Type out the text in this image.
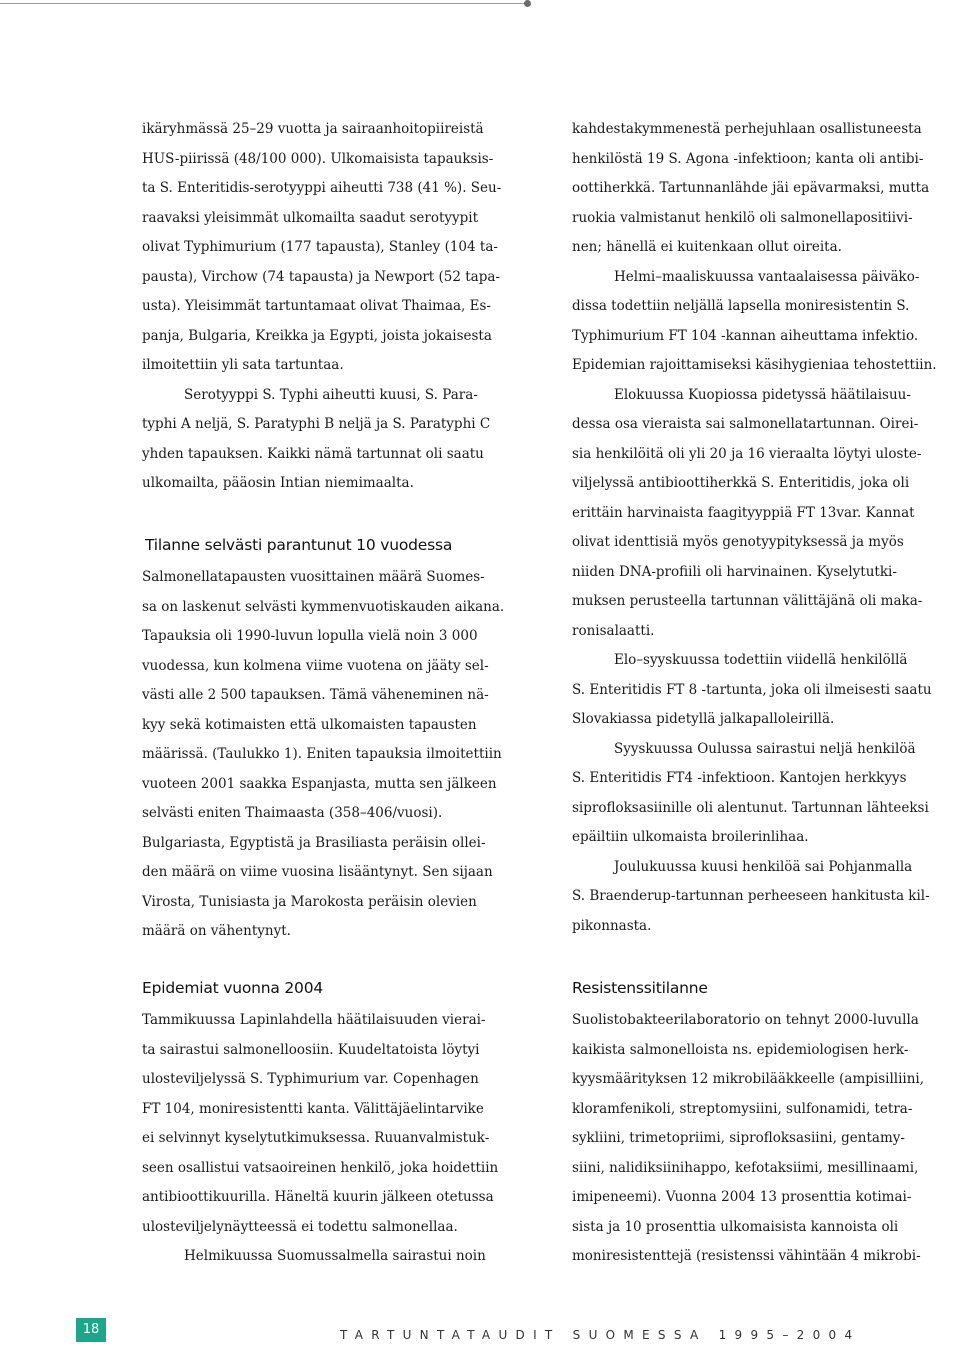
ikäryhmässä 25–29 vuotta ja sairaanhoitopiireistä

HUS-piirissä (48/100 000). Ulkomaisista tapauksis-

ta S. Enteritidis-serotyyppi aiheutti 738 (41 %). Seu-

raavaksi yleisimmät ulkomailta saadut serotyypit

olivat Typhimurium (177 tapausta), Stanley (104 ta-

pausta), Virchow (74 tapausta) ja Newport (52 tapa-

usta). Yleisimmät tartuntamaat olivat Thaimaa, Es-

panja, Bulgaria, Kreikka ja Egypti, joista jokaisesta

ilmoitettiin yli sata tartuntaa.

Serotyyppi S. Typhi aiheutti kuusi, S. Para-

typhi A neljä, S. Paratyphi B neljä ja S. Paratyphi C

yhden tapauksen. Kaikki nämä tartunnat oli saatu

ulkomailta, pääosin Intian niemimaalta.

Tilanne selvästi parantunut 10 vuodessa

Salmonellatapausten vuosittainen määrä Suomes-

sa on laskenut selvästi kymmenvuotiskauden aikana.

Tapauksia oli 1990-luvun lopulla vielä noin 3 000

vuodessa, kun kolmena viime vuotena on jääty sel-

västi alle 2 500 tapauksen. Tämä väheneminen nä-

kyy sekä kotimaisten että ulkomaisten tapausten

määrissä. (Taulukko 1). Eniten tapauksia ilmoitettiin

vuoteen 2001 saakka Espanjasta, mutta sen jälkeen

selvästi eniten Thaimaasta (358–406/vuosi).

Bulgariasta, Egyptistä ja Brasiliasta peräisin ollei-

den määrä on viime vuosina lisääntynyt. Sen sijaan

Virosta, Tunisiasta ja Marokosta peräisin olevien

määrä on vähentynyt.

kahdestakymmenestä perhejuhlaan osallistuneesta

henkilöstä 19 S. Agona -infektioon; kanta oli antibi-

oottiherkkä. Tartunnanlähde jäi epävarmaksi, mutta

ruokia valmistanut henkilö oli salmonellapositiivi-

nen; hänellä ei kuitenkaan ollut oireita.

Helmi–maaliskuussa vantaalaisessa päiväko-

dissa todettiin neljällä lapsella moniresistentin S.

Typhimurium FT 104 -kannan aiheuttama infektio.

Epidemian rajoittamiseksi käsihygieniaa tehostettiin.

Elokuussa Kuopiossa pidetyssä häätilaisuu-

dessa osa vieraista sai salmonellatartunnan. Oirei-

sia henkilöitä oli yli 20 ja 16 vieraalta löytyi uloste-

viljelyssä antibioottiherkkä S. Enteritidis, joka oli

erittäin harvinaista faagityyppiä FT 13var. Kannat

olivat identtisiä myös genotyypityksessä ja myös

niiden DNA-profiili oli harvinainen. Kyselytutki-

muksen perusteella tartunnan välittäjänä oli maka-

ronisalaatti.

Elo–syyskuussa todettiin viidellä henkilöllä

S. Enteritidis FT 8 -tartunta, joka oli ilmeisesti saatu

Slovakiassa pidetyllä jalkapalloleirillä.

Syyskuussa Oulussa sairastui neljä henkilöä

S. Enteritidis FT4 -infektioon. Kantojen herkkyys

siprofloksasiinille oli alentunut. Tartunnan lähteeksi

epäiltiin ulkomaista broilerinlihaa.

Joulukuussa kuusi henkilöä sai Pohjanmalla

S. Braenderup-tartunnan perheeseen hankitusta kil-

pikonnasta.

Epidemiat vuonna 2004

Tammikuussa Lapinlahdella häätilaisuuden vierai-

ta sairastui salmonelloosiin. Kuudeltatoista löytyi

ulosteviljelyssä S. Typhimurium var. Copenhagen

FT 104, moniresistentti kanta. Välittäjäelintarvike

ei selvinnyt kyselytutkimuksessa. Ruuanvalmistuk-

seen osallistui vatsaoireinen henkilö, joka hoidettiin

antibioottikuurilla. Häneltä kuurin jälkeen otetussa

ulosteviljelynäytteessä ei todettu salmonellaa.

Helmikuussa Suomussalmella sairastui noin

Resistenssitilanne

Suolistobakteerilaboratorio on tehnyt 2000-luvulla

kaikista salmonelloista ns. epidemiologisen herk-

kyysmäärityksen 12 mikrobilääkkeelle (ampisilliini,

kloramfenikoli, streptomysiini, sulfonamidi, tetra-

sykliini, trimetopriimi, siprofloksasiini, gentamy-

siini, nalidiksiinihappo, kefotaksiimi, mesillinaami,

imipeneemi). Vuonna 2004 13 prosenttia kotimai-

sista ja 10 prosenttia ulkomaisista kannoista oli

moniresistenttejä (resistenssi vähintään 4 mikrobi-

18	TARTUNTATAUDIT SUOMESSA 1995–2004
